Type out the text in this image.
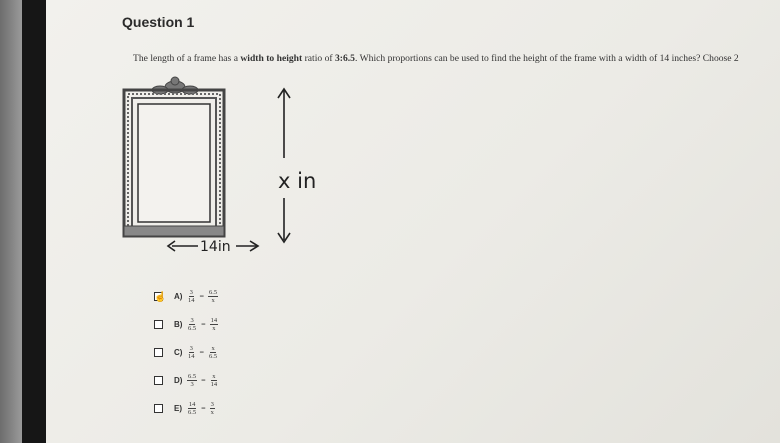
Question 1
The length of a frame has a width to height ratio of 3:6.5. Which proportions can be used to find the height of the frame with a width of 14 inches? Choose 2
x in
14in
$A) \frac{3}{14} = \frac{6.5}{x}$
☝
$B) \frac{3}{6.5} = \frac{14}{x}$
$C) \frac{3}{14} = \frac{x}{6.5}$
$D) \frac{6.5}{3} = \frac{x}{14}$
$E) \frac{14}{6.5} = \frac{3}{x}$
